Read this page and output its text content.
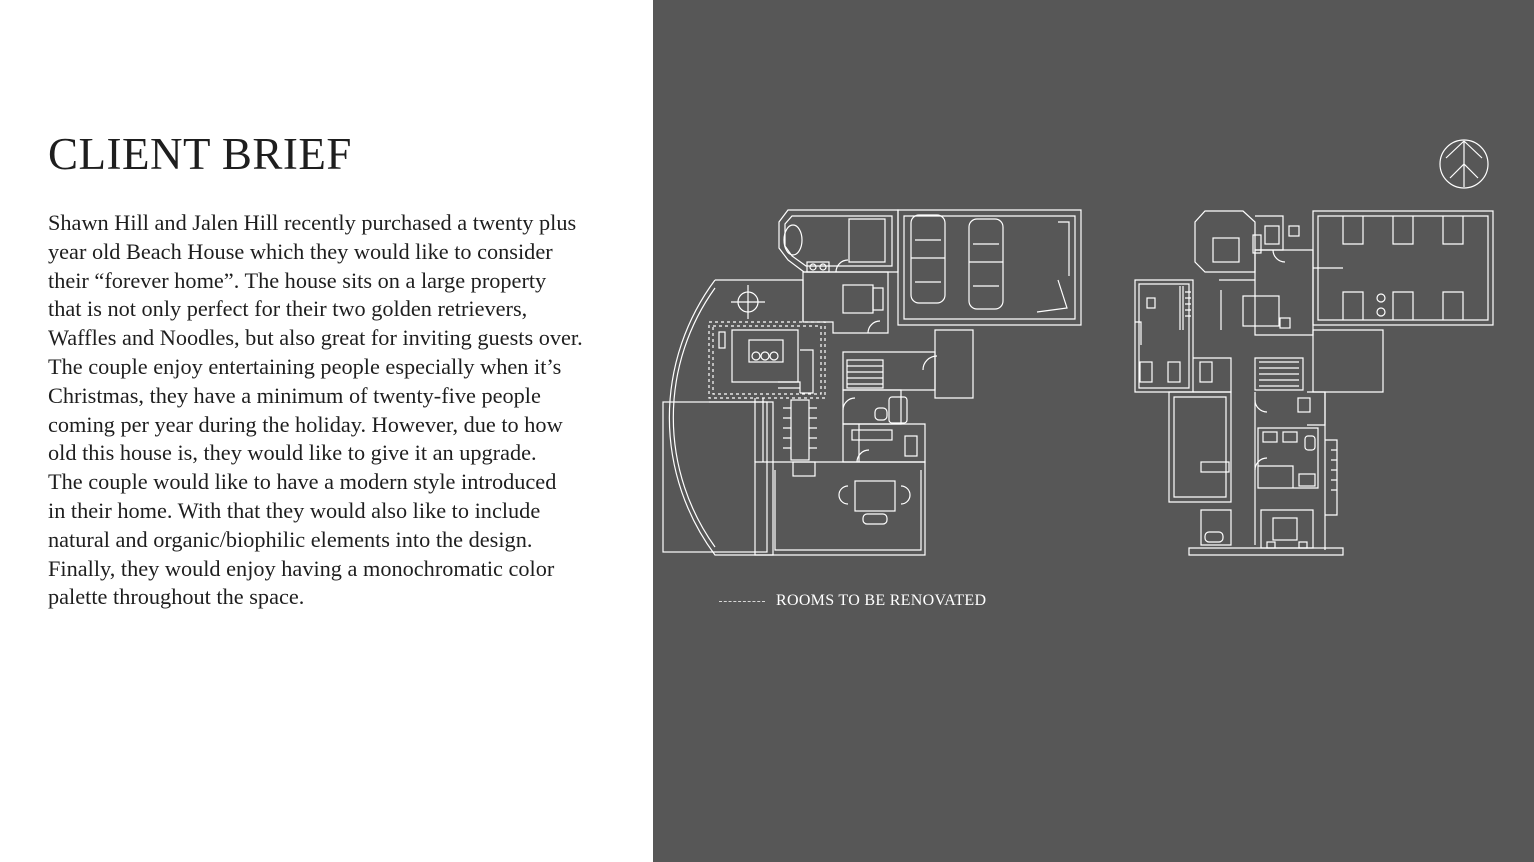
CLIENT BRIEF
Shawn Hill and Jalen Hill recently purchased a twenty plus
year old Beach House which they would like to consider
their “forever home”. The house sits on a large property
that is not only perfect for their two golden retrievers,
Waffles and Noodles, but also great for inviting guests over.
The couple enjoy entertaining people especially when it’s
Christmas, they have a minimum of twenty-five people
coming per year during the holiday. However, due to how
old this house is, they would like to give it an upgrade.
The couple would like to have a modern style introduced
in their home. With that they would also like to include
natural and organic/biophilic elements into the design.
Finally, they would enjoy having a monochromatic color
palette throughout the space.	ROOMS TO BE RENOVATED
